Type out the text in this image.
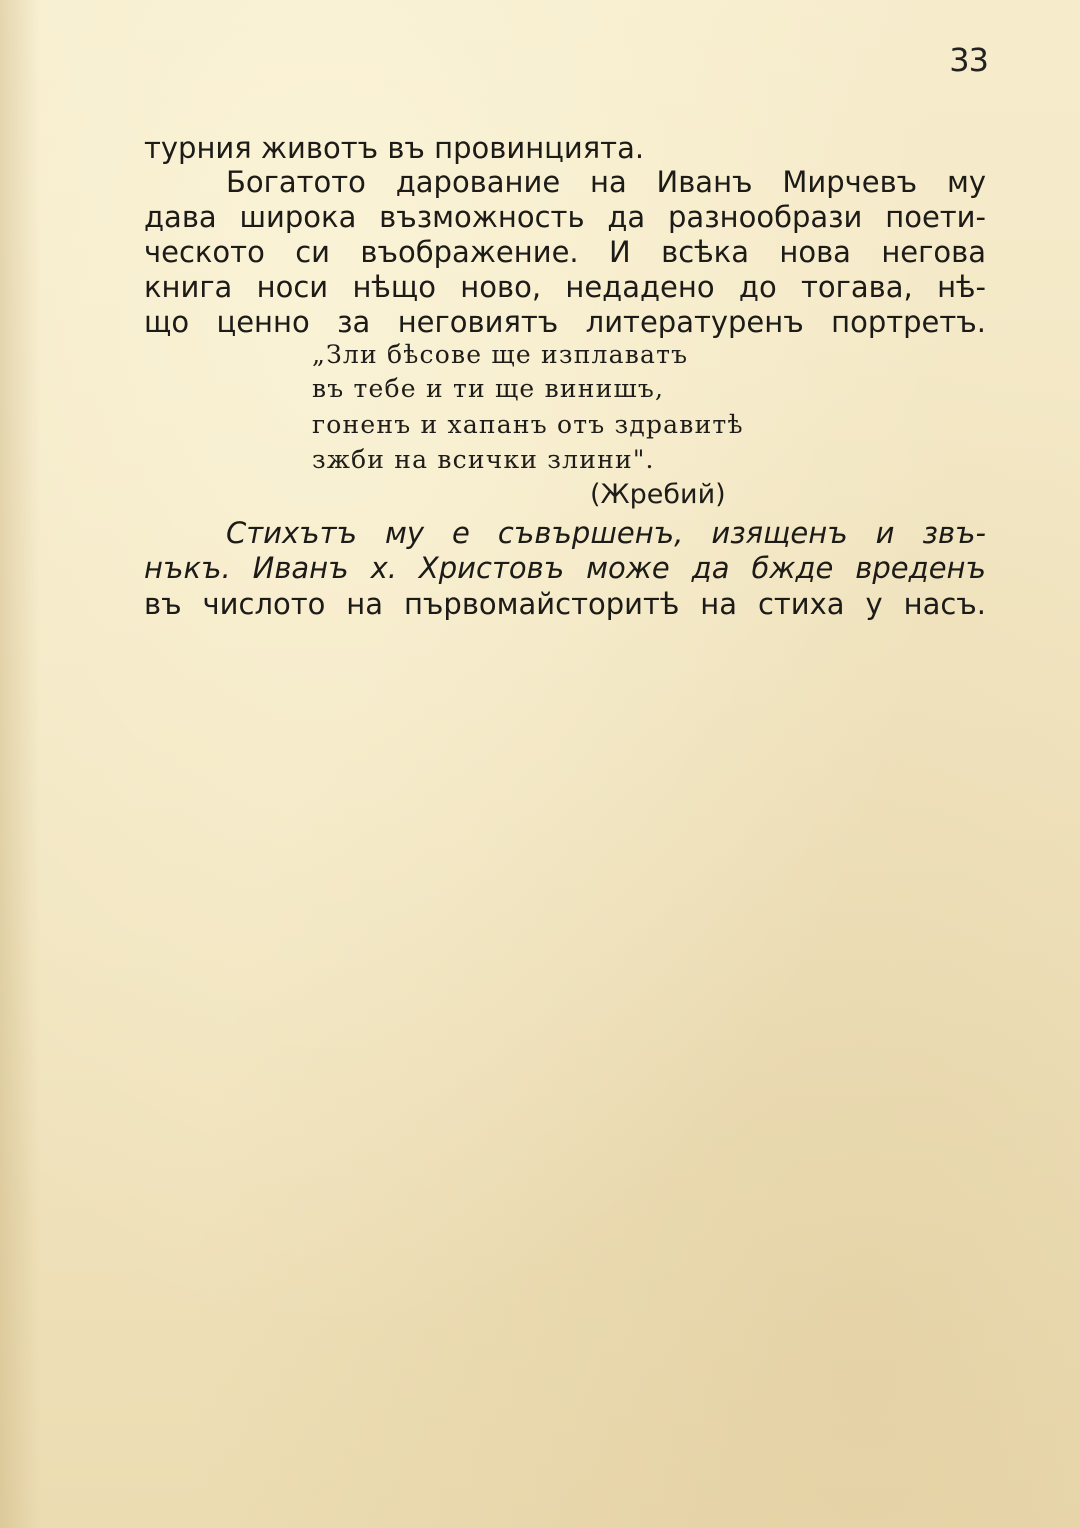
33
турния животъ въ провинцията.
Богатото дарование на Иванъ Мирчевъ му
дава широка възможность да разнообрази поети-
ческото си въображение. И всѣка нова негова
книга носи нѣщо ново, недадено до тогава, нѣ-
що ценно за неговиятъ литературенъ портретъ.
„Зли бѣсове ще изплаватъ
въ тебе и ти ще винишъ,
гоненъ и хапанъ отъ здравитѣ
зжби на всички злини".
(Жребий)
Стихътъ му е съвършенъ, изященъ и звъ-
нъкъ. Иванъ х. Христовъ може да бжде вреденъ
въ числото на първомайсторитѣ на стиха у насъ.
